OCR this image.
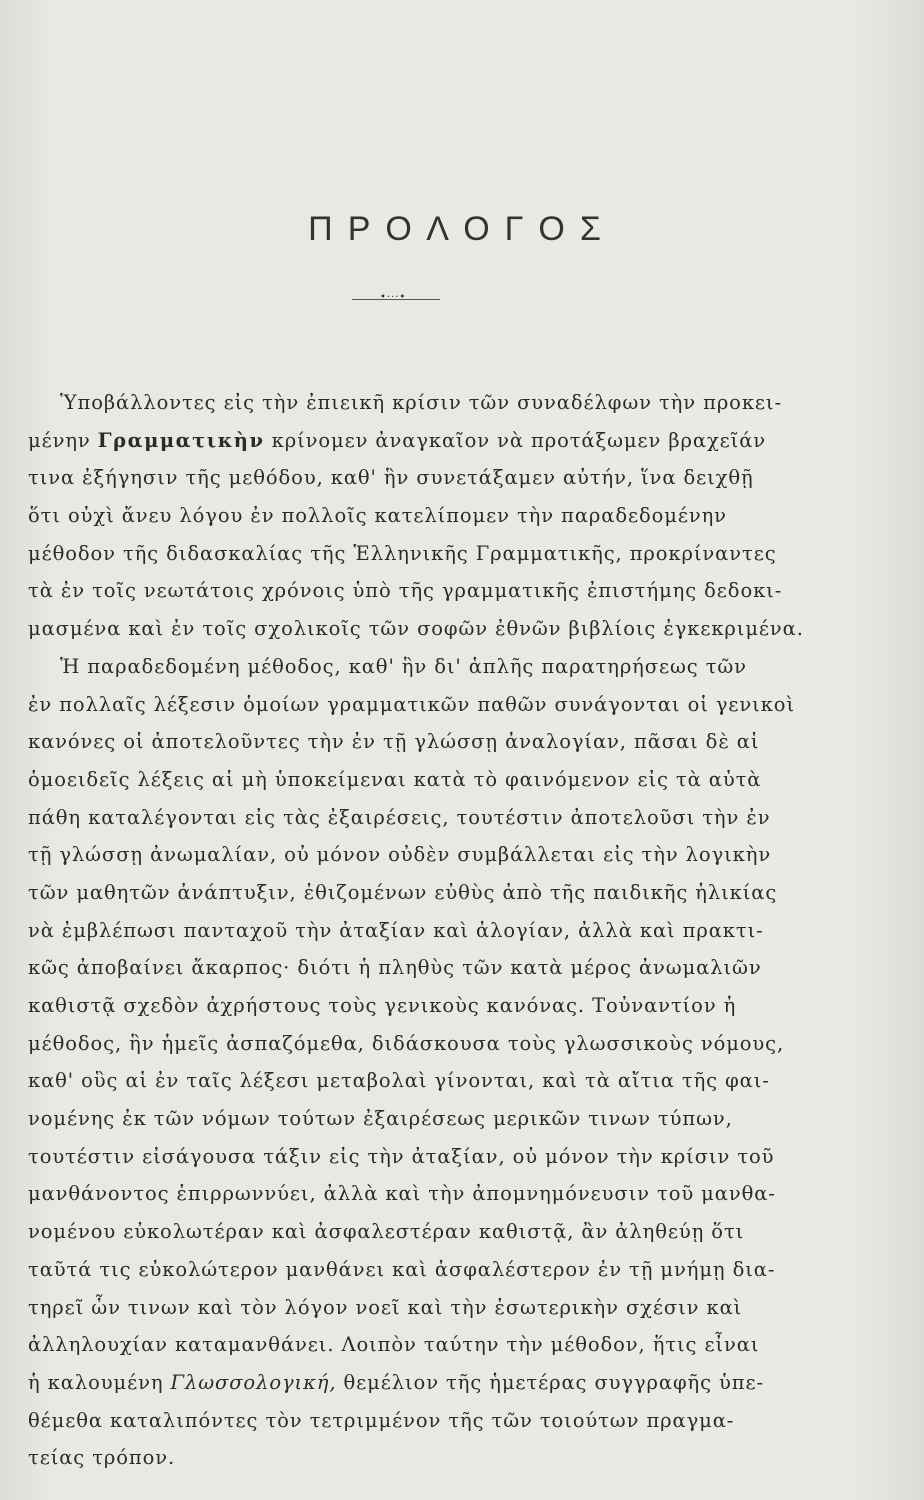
ΠΡΟΛΟΓΟΣ
•···•
Ὑποβάλλοντες εἰς τὴν ἐπιεικῆ κρίσιν τῶν συναδέλφων τὴν προκει-
μένην Γραμματικὴν κρίνομεν ἀναγκαῖον νὰ προτάξωμεν βραχεῖάν
τινα ἐξήγησιν τῆς μεθόδου, καθ' ἣν συνετάξαμεν αὐτήν, ἵνα δειχθῇ
ὅτι οὐχὶ ἄνευ λόγου ἐν πολλοῖς κατελίπομεν τὴν παραδεδομένην
μέθοδον τῆς διδασκαλίας τῆς Ἑλληνικῆς Γραμματικῆς, προκρίναντες
τὰ ἐν τοῖς νεωτάτοις χρόνοις ὑπὸ τῆς γραμματικῆς ἐπιστήμης δεδοκι-
μασμένα καὶ ἐν τοῖς σχολικοῖς τῶν σοφῶν ἐθνῶν βιβλίοις ἐγκεκριμένα.
Ἡ παραδεδομένη μέθοδος, καθ' ἣν δι' ἁπλῆς παρατηρήσεως τῶν
ἐν πολλαῖς λέξεσιν ὁμοίων γραμματικῶν παθῶν συνάγονται οἱ γενικοὶ
κανόνες οἱ ἀποτελοῦντες τὴν ἐν τῇ γλώσσῃ ἀναλογίαν, πᾶσαι δὲ αἱ
ὁμοειδεῖς λέξεις αἱ μὴ ὑποκείμεναι κατὰ τὸ φαινόμενον εἰς τὰ αὐτὰ
πάθη καταλέγονται εἰς τὰς ἐξαιρέσεις, τουτέστιν ἀποτελοῦσι τὴν ἐν
τῇ γλώσσῃ ἀνωμαλίαν, οὐ μόνον οὐδὲν συμβάλλεται εἰς τὴν λογικὴν
τῶν μαθητῶν ἀνάπτυξιν, ἐθιζομένων εὐθὺς ἀπὸ τῆς παιδικῆς ἡλικίας
νὰ ἐμβλέπωσι πανταχοῦ τὴν ἀταξίαν καὶ ἀλογίαν, ἀλλὰ καὶ πρακτι-
κῶς ἀποβαίνει ἄκαρπος· διότι ἡ πληθὺς τῶν κατὰ μέρος ἀνωμαλιῶν
καθιστᾷ σχεδὸν ἀχρήστους τοὺς γενικοὺς κανόνας. Τοὐναντίον ἡ
μέθοδος, ἣν ἡμεῖς ἀσπαζόμεθα, διδάσκουσα τοὺς γλωσσικοὺς νόμους,
καθ' οὓς αἱ ἐν ταῖς λέξεσι μεταβολαὶ γίνονται, καὶ τὰ αἴτια τῆς φαι-
νομένης ἐκ τῶν νόμων τούτων ἐξαιρέσεως μερικῶν τινων τύπων,
τουτέστιν εἰσάγουσα τάξιν εἰς τὴν ἀταξίαν, οὐ μόνον τὴν κρίσιν τοῦ
μανθάνοντος ἐπιρρωννύει, ἀλλὰ καὶ τὴν ἀπομνημόνευσιν τοῦ μανθα-
νομένου εὐκολωτέραν καὶ ἀσφαλεστέραν καθιστᾷ, ἂν ἀληθεύῃ ὅτι
ταῦτά τις εὐκολώτερον μανθάνει καὶ ἀσφαλέστερον ἐν τῇ μνήμῃ δια-
τηρεῖ ὧν τινων καὶ τὸν λόγον νοεῖ καὶ τὴν ἐσωτερικὴν σχέσιν καὶ
ἀλληλουχίαν καταμανθάνει. Λοιπὸν ταύτην τὴν μέθοδον, ἥτις εἶναι
ἡ καλουμένη Γλωσσολογική, θεμέλιον τῆς ἡμετέρας συγγραφῆς ὑπε-
θέμεθα καταλιπόντες τὸν τετριμμένον τῆς τῶν τοιούτων πραγμα-
τείας τρόπον.
